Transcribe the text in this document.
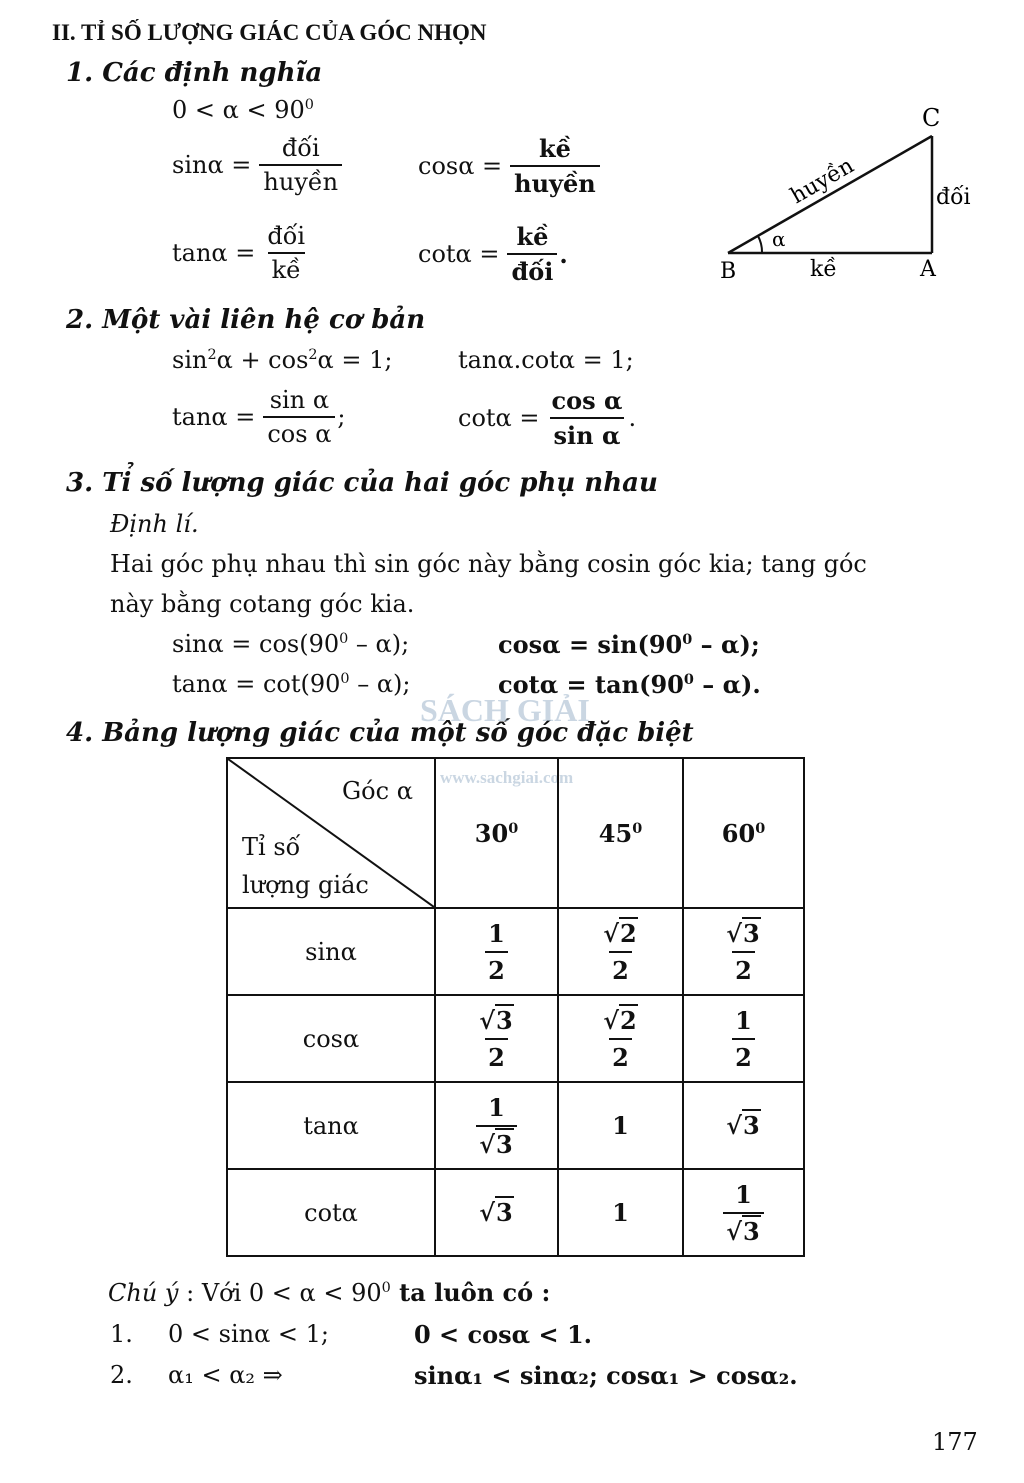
II. TỈ SỐ LƯỢNG GIÁC CỦA GÓC NHỌN
1. Các định nghĩa
$0 < \alpha < 90^0$
$\sin\alpha = \frac{\text{đối}}{\text{huyền}}$	$\cos\alpha = \frac{\text{kề}}{\text{huyền}}$
$\tan\alpha = \frac{\text{đối}}{\text{kề}}$	$\cot\alpha = \frac{\text{kề}}{\text{đối}}$ .
C
B	A
kề
đối
huyền
α
2. Một vài liên hệ cơ bản
$\sin^2\alpha + \cos^2\alpha = 1$;	tanα.cotα = 1;
$\tan\alpha = \frac{\text{sin α}}{\text{cos α}}$ ;	$\cot\alpha = \frac{\text{cos α}}{\text{sin α}}$ .
3. Tỉ số lượng giác của hai góc phụ nhau
Định lí.
Hai góc phụ nhau thì sin góc này bằng cosin góc kia; tang góc
này bằng cotang góc kia.
$\sin\alpha = \cos(90^0 - \alpha)$;	$\cos\alpha = \sin(90^0 - \alpha)$;
$\tan\alpha = \cot(90^0 - \alpha)$;	$\cot\alpha = \tan(90^0 - \alpha)$.
4. Bảng lượng giác của một số góc đặc biệt
SÁCH GIẢI
www.sachgiai.com
Góc α
Tỉ số
lượng giác	$30^0$	$45^0$	$60^0$
sinα	$\frac{1}{2}$	$\frac{√2}{2}$	$\frac{√3}{2}$

cosα	$\frac{√3}{2}$	$\frac{√2}{2}$	$\frac{1}{2}$

tanα	$\frac{1}{√3}$	1	√3
cotα	√3	1	$\frac{1}{√3}$
Chú ý : Với $0 < \alpha < 90^0$ ta luôn có :
1. 0 < sinα < 1;	0 < cosα < 1.
2. α₁ < α₂ ⇒	sinα₁ < sinα₂; cosα₁ > cosα₂.
177
